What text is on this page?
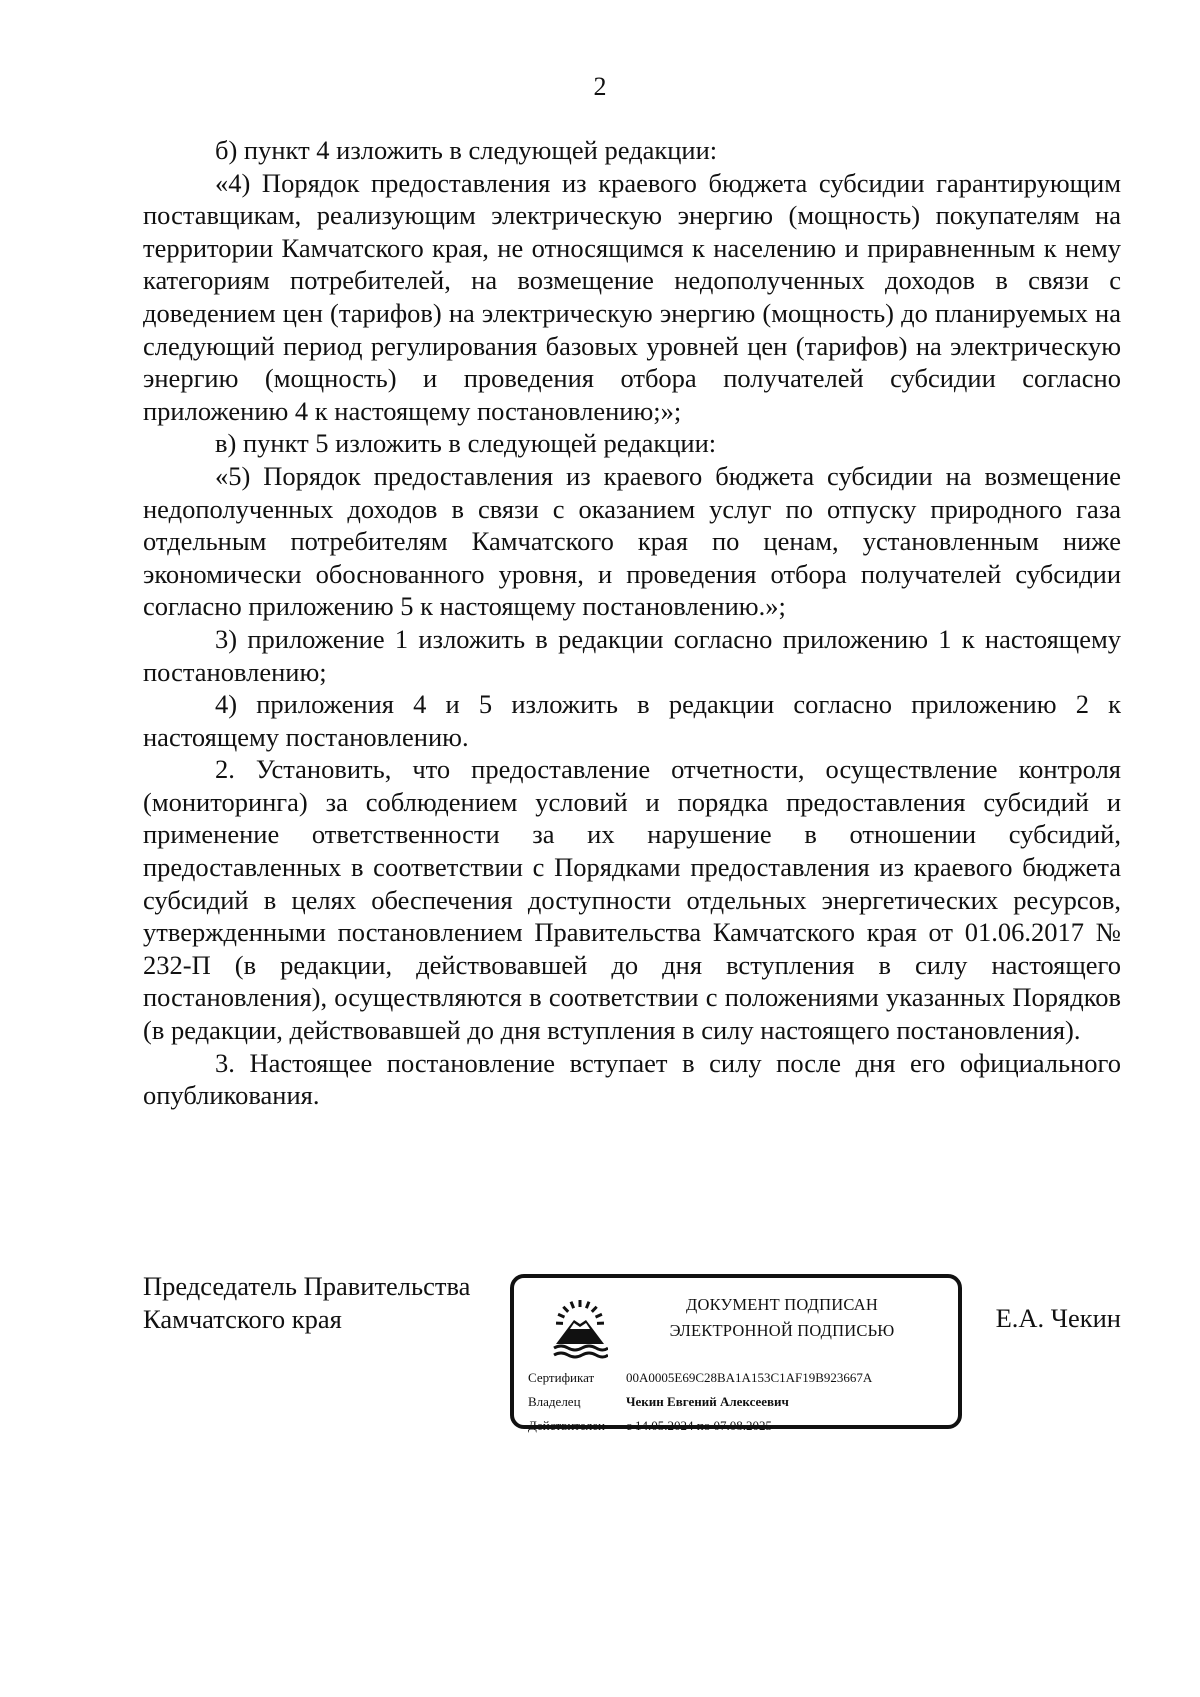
2

б) пункт 4 изложить в следующей редакции:

«4) Порядок предоставления из краевого бюджета субсидии гарантирующим поставщикам, реализующим электрическую энергию (мощность) покупателям на территории Камчатского края, не относящимся к населению и приравненным к нему категориям потребителей, на возмещение недополученных доходов в связи с доведением цен (тарифов) на электрическую энергию (мощность) до планируемых на следующий период регулирования базовых уровней цен (тарифов) на электрическую энергию (мощность) и проведения отбора получателей субсидии согласно приложению 4 к настоящему постановлению;»;

в) пункт 5 изложить в следующей редакции:

«5) Порядок предоставления из краевого бюджета субсидии на возмещение недополученных доходов в связи с оказанием услуг по отпуску природного газа отдельным потребителям Камчатского края по ценам, установленным ниже экономически обоснованного уровня, и проведения отбора получателей субсидии согласно приложению 5 к настоящему постановлению.»;

3) приложение 1 изложить в редакции согласно приложению 1 к настоящему постановлению;

4) приложения 4 и 5 изложить в редакции согласно приложению 2 к настоящему постановлению.

2. Установить, что предоставление отчетности, осуществление контроля (мониторинга) за соблюдением условий и порядка предоставления субсидий и применение ответственности за их нарушение в отношении субсидий, предоставленных в соответствии с Порядками предоставления из краевого бюджета субсидий в целях обеспечения доступности отдельных энергетических ресурсов, утвержденными постановлением Правительства Камчатского края от 01.06.2017 № 232-П (в редакции, действовавшей до дня вступления в силу настоящего постановления), осуществляются в соответствии с положениями указанных Порядков (в редакции, действовавшей до дня вступления в силу настоящего постановления).

3. Настоящее постановление вступает в силу после дня его официального опубликования.

Председатель Правительства
Камчатского края	ДОКУМЕНТ ПОДПИСАН
ЭЛЕКТРОННОЙ ПОДПИСЬЮ
Сертификат 00A0005E69C28BA1A153C1AF19B923667A
Владелец	Чекин Евгений Алексеевич
Действителен с 14.05.2024 по 07.08.2025
Е.А. Чекин
